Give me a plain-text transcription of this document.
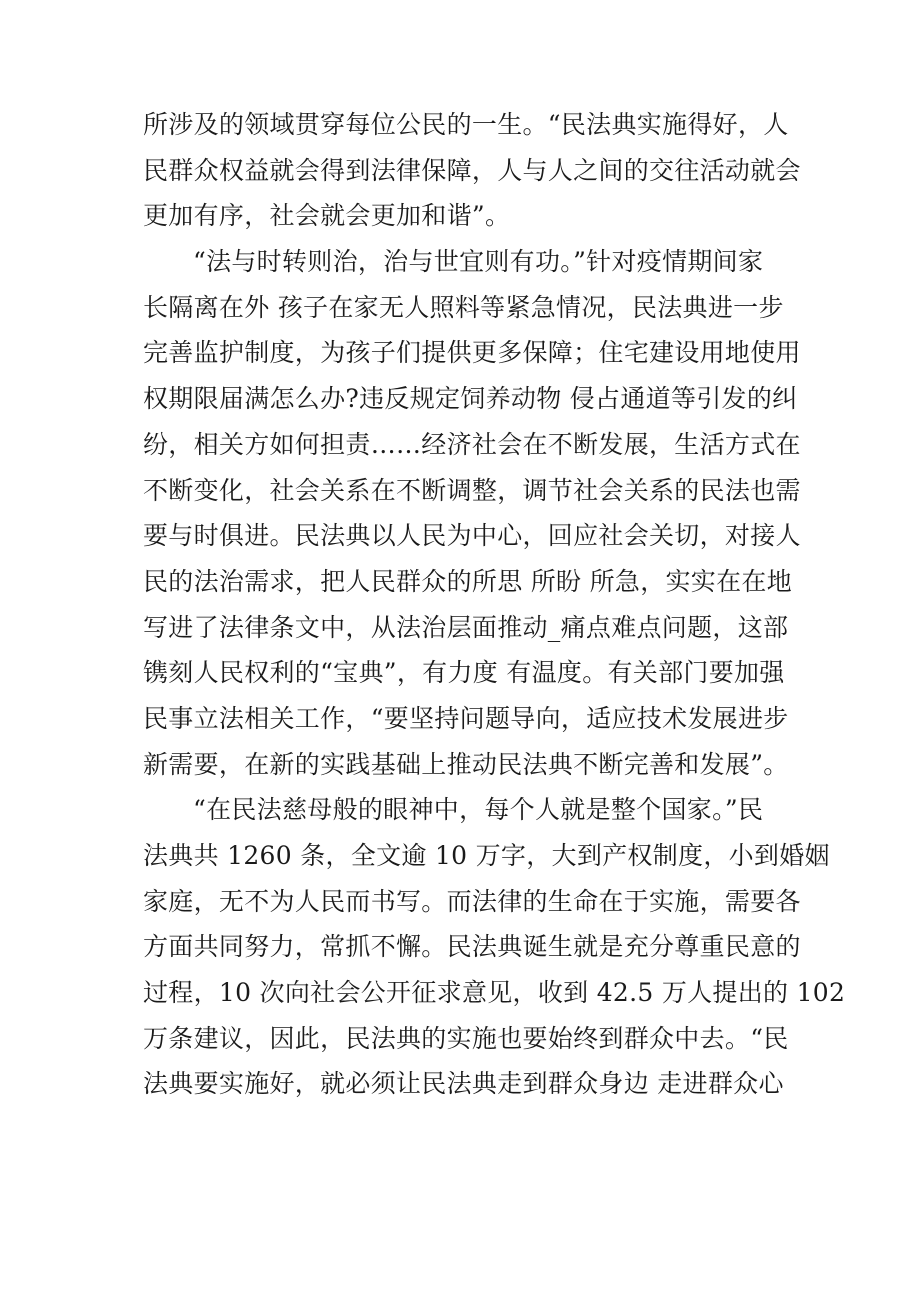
所涉及的领域贯穿每位公民的一生。“民法典实施得好，人
民群众权益就会得到法律保障，人与人之间的交往活动就会
更加有序，社会就会更加和谐”。
“法与时转则治，治与世宜则有功。”针对疫情期间家
长隔离在外 孩子在家无人照料等紧急情况，民法典进一步
完善监护制度，为孩子们提供更多保障；住宅建设用地使用
权期限届满怎么办?违反规定饲养动物 侵占通道等引发的纠
纷，相关方如何担责……经济社会在不断发展，生活方式在
不断变化，社会关系在不断调整，调节社会关系的民法也需
要与时俱进。民法典以人民为中心，回应社会关切，对接人
民的法治需求，把人民群众的所思 所盼 所急，实实在在地
写进了法律条文中，从法治层面推动_痛点难点问题，这部
镌刻人民权利的“宝典”，有力度 有温度。有关部门要加强
民事立法相关工作，“要坚持问题导向，适应技术发展进步
新需要，在新的实践基础上推动民法典不断完善和发展”。
“在民法慈母般的眼神中，每个人就是整个国家。”民
法典共 1260 条，全文逾 10 万字，大到产权制度，小到婚姻
家庭，无不为人民而书写。而法律的生命在于实施，需要各
方面共同努力，常抓不懈。民法典诞生就是充分尊重民意的
过程，10 次向社会公开征求意见，收到 42.5 万人提出的 102
万条建议，因此，民法典的实施也要始终到群众中去。“民
法典要实施好，就必须让民法典走到群众身边 走进群众心
